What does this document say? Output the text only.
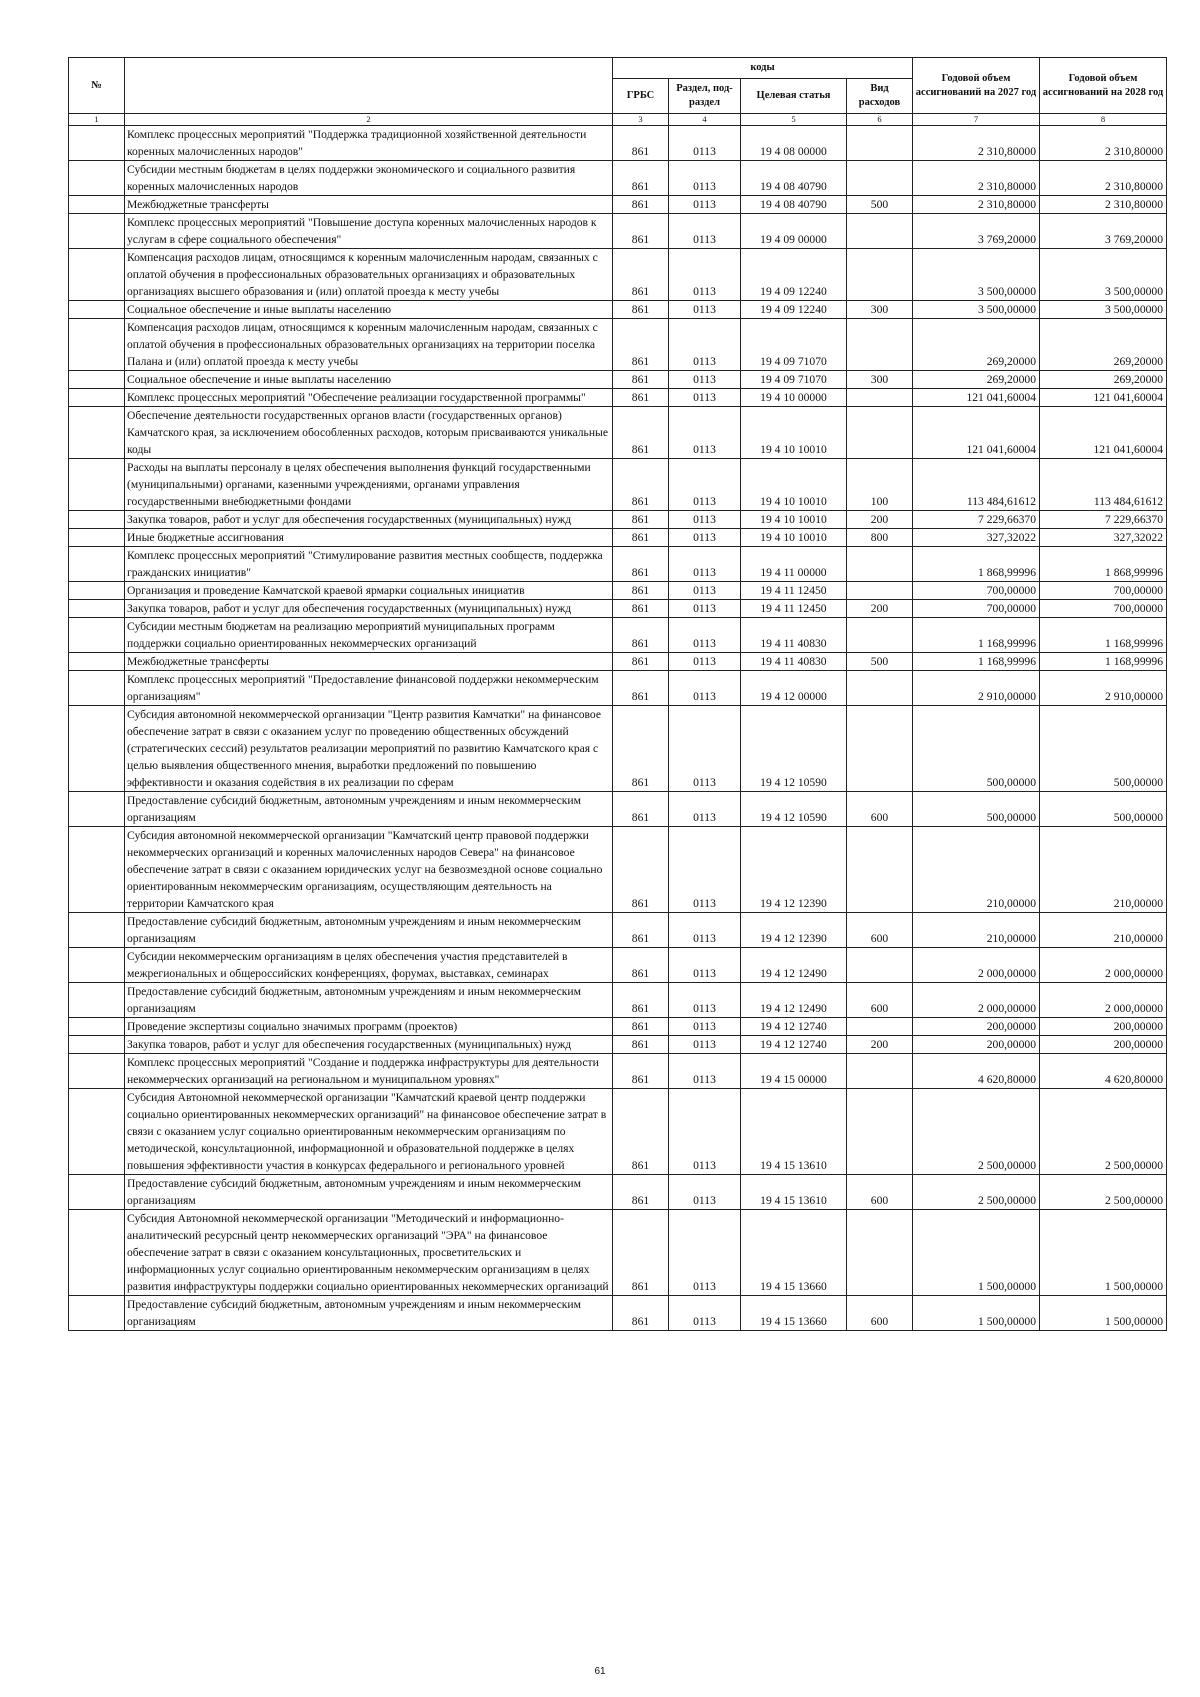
№		коды				Годовой объем ассигнований на 2027 год	Годовой объем ассигнований на 2028 год
		ГРБС	Раздел, под-раздел	Целевая статья	Вид расходов		
1	2	3	4	5	6	7	8
	Комплекс процессных мероприятий "Поддержка традиционной хозяйственной деятельности коренных малочисленных народов"	861	0113	19 4 08 00000		2 310,80000	2 310,80000
	Субсидии местным бюджетам в целях поддержки экономического и социального развития коренных малочисленных народов	861	0113	19 4 08 40790		2 310,80000	2 310,80000
	Межбюджетные трансферты	861	0113	19 4 08 40790	500	2 310,80000	2 310,80000
	Комплекс процессных мероприятий "Повышение доступа коренных малочисленных народов к услугам в сфере социального обеспечения"	861	0113	19 4 09 00000		3 769,20000	3 769,20000
	Компенсация расходов лицам, относящимся к коренным малочисленным народам, связанных с оплатой обучения в профессиональных образовательных организациях и образовательных организациях высшего образования и (или) оплатой проезда к месту учебы	861	0113	19 4 09 12240		3 500,00000	3 500,00000
	Социальное обеспечение и иные выплаты населению	861	0113	19 4 09 12240	300	3 500,00000	3 500,00000
	Компенсация расходов лицам, относящимся к коренным малочисленным народам, связанных с оплатой обучения в профессиональных образовательных организациях на территории поселка Палана и (или) оплатой проезда к месту учебы	861	0113	19 4 09 71070		269,20000	269,20000
	Социальное обеспечение и иные выплаты населению	861	0113	19 4 09 71070	300	269,20000	269,20000
	Комплекс процессных мероприятий "Обеспечение реализации государственной программы"	861	0113	19 4 10 00000		121 041,60004	121 041,60004
	Обеспечение деятельности государственных органов власти (государственных органов) Камчатского края, за исключением обособленных расходов, которым присваиваются уникальные коды	861	0113	19 4 10 10010		121 041,60004	121 041,60004
	Расходы на выплаты персоналу в целях обеспечения выполнения функций государственными (муниципальными) органами, казенными учреждениями, органами управления государственными внебюджетными фондами	861	0113	19 4 10 10010	100	113 484,61612	113 484,61612
	Закупка товаров, работ и услуг для обеспечения государственных (муниципальных) нужд	861	0113	19 4 10 10010	200	7 229,66370	7 229,66370
	Иные бюджетные ассигнования	861	0113	19 4 10 10010	800	327,32022	327,32022
	Комплекс процессных мероприятий "Стимулирование развития местных сообществ, поддержка гражданских инициатив"	861	0113	19 4 11 00000		1 868,99996	1 868,99996
	Организация и проведение Камчатской краевой ярмарки социальных инициатив	861	0113	19 4 11 12450		700,00000	700,00000
	Закупка товаров, работ и услуг для обеспечения государственных (муниципальных) нужд	861	0113	19 4 11 12450	200	700,00000	700,00000
	Субсидии местным бюджетам на реализацию мероприятий муниципальных программ поддержки социально ориентированных некоммерческих организаций	861	0113	19 4 11 40830		1 168,99996	1 168,99996
	Межбюджетные трансферты	861	0113	19 4 11 40830	500	1 168,99996	1 168,99996
	Комплекс процессных мероприятий "Предоставление финансовой поддержки некоммерческим организациям"	861	0113	19 4 12 00000		2 910,00000	2 910,00000
	Субсидия автономной некоммерческой организации "Центр развития Камчатки" на финансовое обеспечение затрат в связи с оказанием услуг по проведению общественных обсуждений (стратегических сессий) результатов реализации мероприятий по развитию Камчатского края с целью выявления общественного мнения, выработки предложений по повышению эффективности и оказания содействия в их реализации по сферам	861	0113	19 4 12 10590		500,00000	500,00000
	Предоставление субсидий бюджетным, автономным учреждениям и иным некоммерческим организациям	861	0113	19 4 12 10590	600	500,00000	500,00000
	Субсидия автономной некоммерческой организации "Камчатский центр правовой поддержки некоммерческих организаций и коренных малочисленных народов Севера" на финансовое обеспечение затрат в связи с оказанием юридических услуг на безвозмездной основе социально ориентированным некоммерческим организациям, осуществляющим деятельность на территории Камчатского края	861	0113	19 4 12 12390		210,00000	210,00000
	Предоставление субсидий бюджетным, автономным учреждениям и иным некоммерческим организациям	861	0113	19 4 12 12390	600	210,00000	210,00000
	Субсидии некоммерческим организациям в целях обеспечения участия представителей в межрегиональных и общероссийских конференциях, форумах, выставках, семинарах	861	0113	19 4 12 12490		2 000,00000	2 000,00000
	Предоставление субсидий бюджетным, автономным учреждениям и иным некоммерческим организациям	861	0113	19 4 12 12490	600	2 000,00000	2 000,00000
	Проведение экспертизы социально значимых программ (проектов)	861	0113	19 4 12 12740		200,00000	200,00000
	Закупка товаров, работ и услуг для обеспечения государственных (муниципальных) нужд	861	0113	19 4 12 12740	200	200,00000	200,00000
	Комплекс процессных мероприятий "Создание и поддержка инфраструктуры для деятельности некоммерческих организаций на региональном и муниципальном уровнях"	861	0113	19 4 15 00000		4 620,80000	4 620,80000
	Субсидия Автономной некоммерческой организации "Камчатский краевой центр поддержки социально ориентированных некоммерческих организаций" на финансовое обеспечение затрат в связи с оказанием услуг социально ориентированным некоммерческим организациям по методической, консультационной, информационной и образовательной поддержке в целях повышения эффективности участия в конкурсах федерального и регионального уровней	861	0113	19 4 15 13610		2 500,00000	2 500,00000
	Предоставление субсидий бюджетным, автономным учреждениям и иным некоммерческим организациям	861	0113	19 4 15 13610	600	2 500,00000	2 500,00000
	Субсидия Автономной некоммерческой организации "Методический и информационно-аналитический ресурсный центр некоммерческих организаций "ЭРА" на финансовое обеспечение затрат в связи с оказанием консультационных, просветительских и информационных услуг социально ориентированным некоммерческим организациям в целях развития инфраструктуры поддержки социально ориентированных некоммерческих организаций	861	0113	19 4 15 13660		1 500,00000	1 500,00000
	Предоставление субсидий бюджетным, автономным учреждениям и иным некоммерческим организациям	861	0113	19 4 15 13660	600	1 500,00000	1 500,00000
61
